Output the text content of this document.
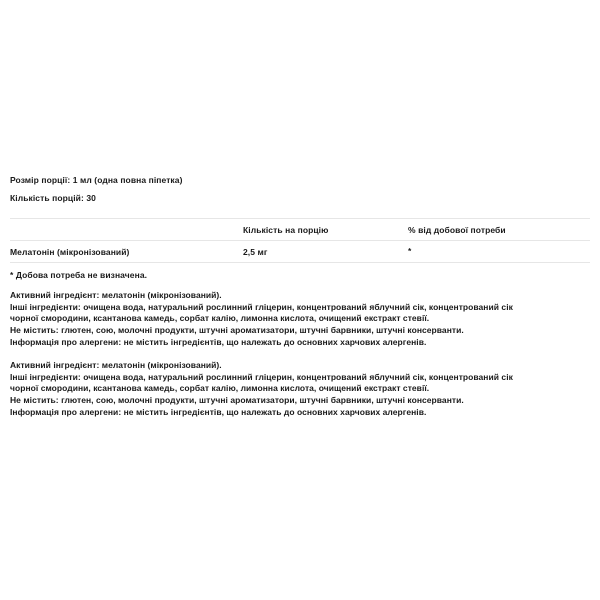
Розмір порції: 1 мл (одна повна піпетка)
Кількість порцій: 30
	Кількість на порцію	% від добової потреби
Мелатонін (мікронізований)	2,5 мг	*
* Добова потреба не визначена.
Активний інгредієнт: мелатонін (мікронізований).
Інші інгредієнти: очищена вода, натуральний рослинний гліцерин, концентрований яблучний сік, концентрований сік
чорної смородини, ксантанова камедь, сорбат калію, лимонна кислота, очищений екстракт стевії.
Не містить: глютен, сою, молочні продукти, штучні ароматизатори, штучні барвники, штучні консерванти.
Інформація про алергени: не містить інгредієнтів, що належать до основних харчових алергенів.
Активний інгредієнт: мелатонін (мікронізований).
Інші інгредієнти: очищена вода, натуральний рослинний гліцерин, концентрований яблучний сік, концентрований сік
чорної смородини, ксантанова камедь, сорбат калію, лимонна кислота, очищений екстракт стевії.
Не містить: глютен, сою, молочні продукти, штучні ароматизатори, штучні барвники, штучні консерванти.
Інформація про алергени: не містить інгредієнтів, що належать до основних харчових алергенів.
